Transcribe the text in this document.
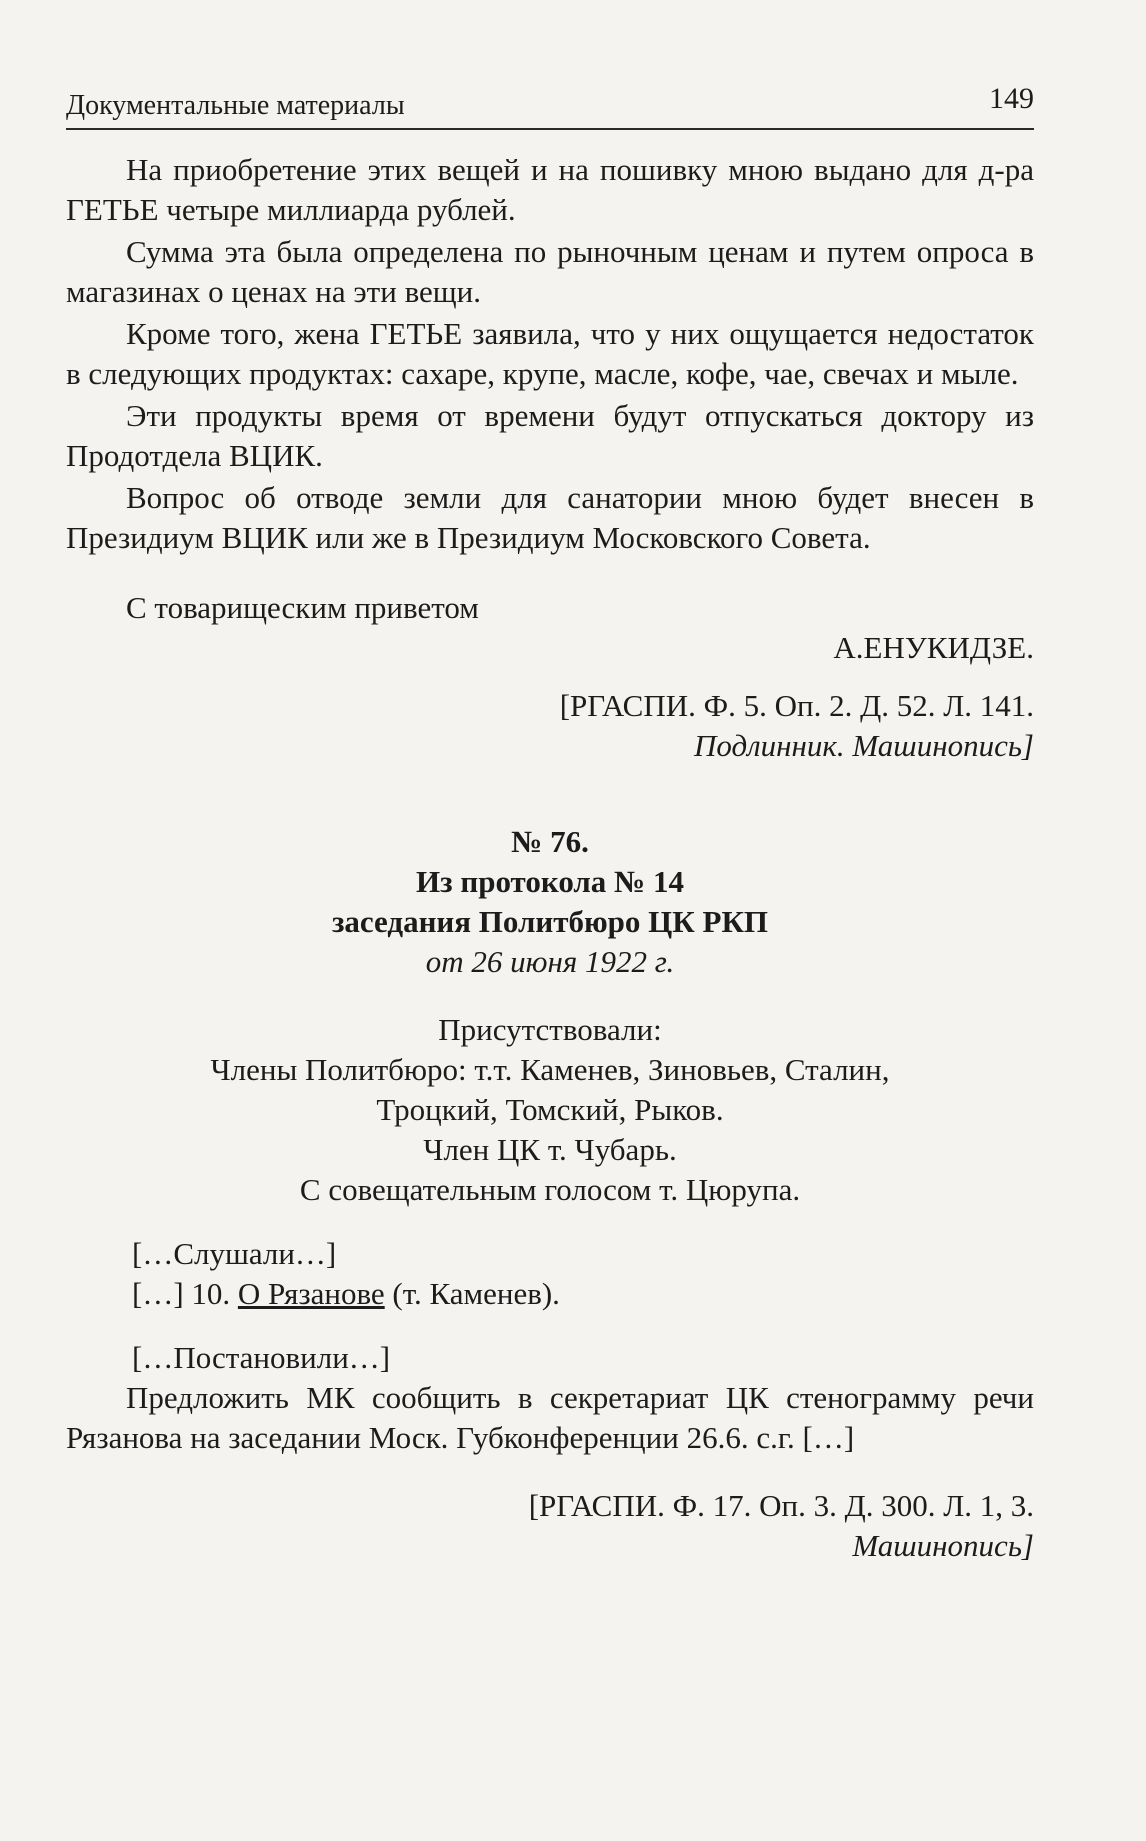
Документальные материалы	149

На приобретение этих вещей и на пошивку мною выдано для д-ра ГЕТЬЕ четыре миллиарда рублей.

Сумма эта была определена по рыночным ценам и путем опроса в магазинах о ценах на эти вещи.

Кроме того, жена ГЕТЬЕ заявила, что у них ощущается недостаток в следующих продуктах: сахаре, крупе, масле, кофе, чае, свечах и мыле.

Эти продукты время от времени будут отпускаться доктору из Продотдела ВЦИК.

Вопрос об отводе земли для санатории мною будет внесен в Президиум ВЦИК или же в Президиум Московского Совета.

С товарищеским приветом

А.ЕНУКИДЗЕ.

[РГАСПИ. Ф. 5. Оп. 2. Д. 52. Л. 141.

Подлинник. Машинопись]

№ 76.

Из протокола № 14

заседания Политбюро ЦК РКП

от 26 июня 1922 г.

Присутствовали:

Члены Политбюро: т.т. Каменев, Зиновьев, Сталин,

Троцкий, Томский, Рыков.

Член ЦК т. Чубарь.

С совещательным голосом т. Цюрупа.

[…Слушали…]

[…] 10. О Рязанове (т. Каменев).

[…Постановили…]

Предложить МК сообщить в секретариат ЦК стенограмму речи Рязанова на заседании Моск. Губконференции 26.6. с.г. […]

[РГАСПИ. Ф. 17. Оп. 3. Д. 300. Л. 1, 3.

Машинопись]
